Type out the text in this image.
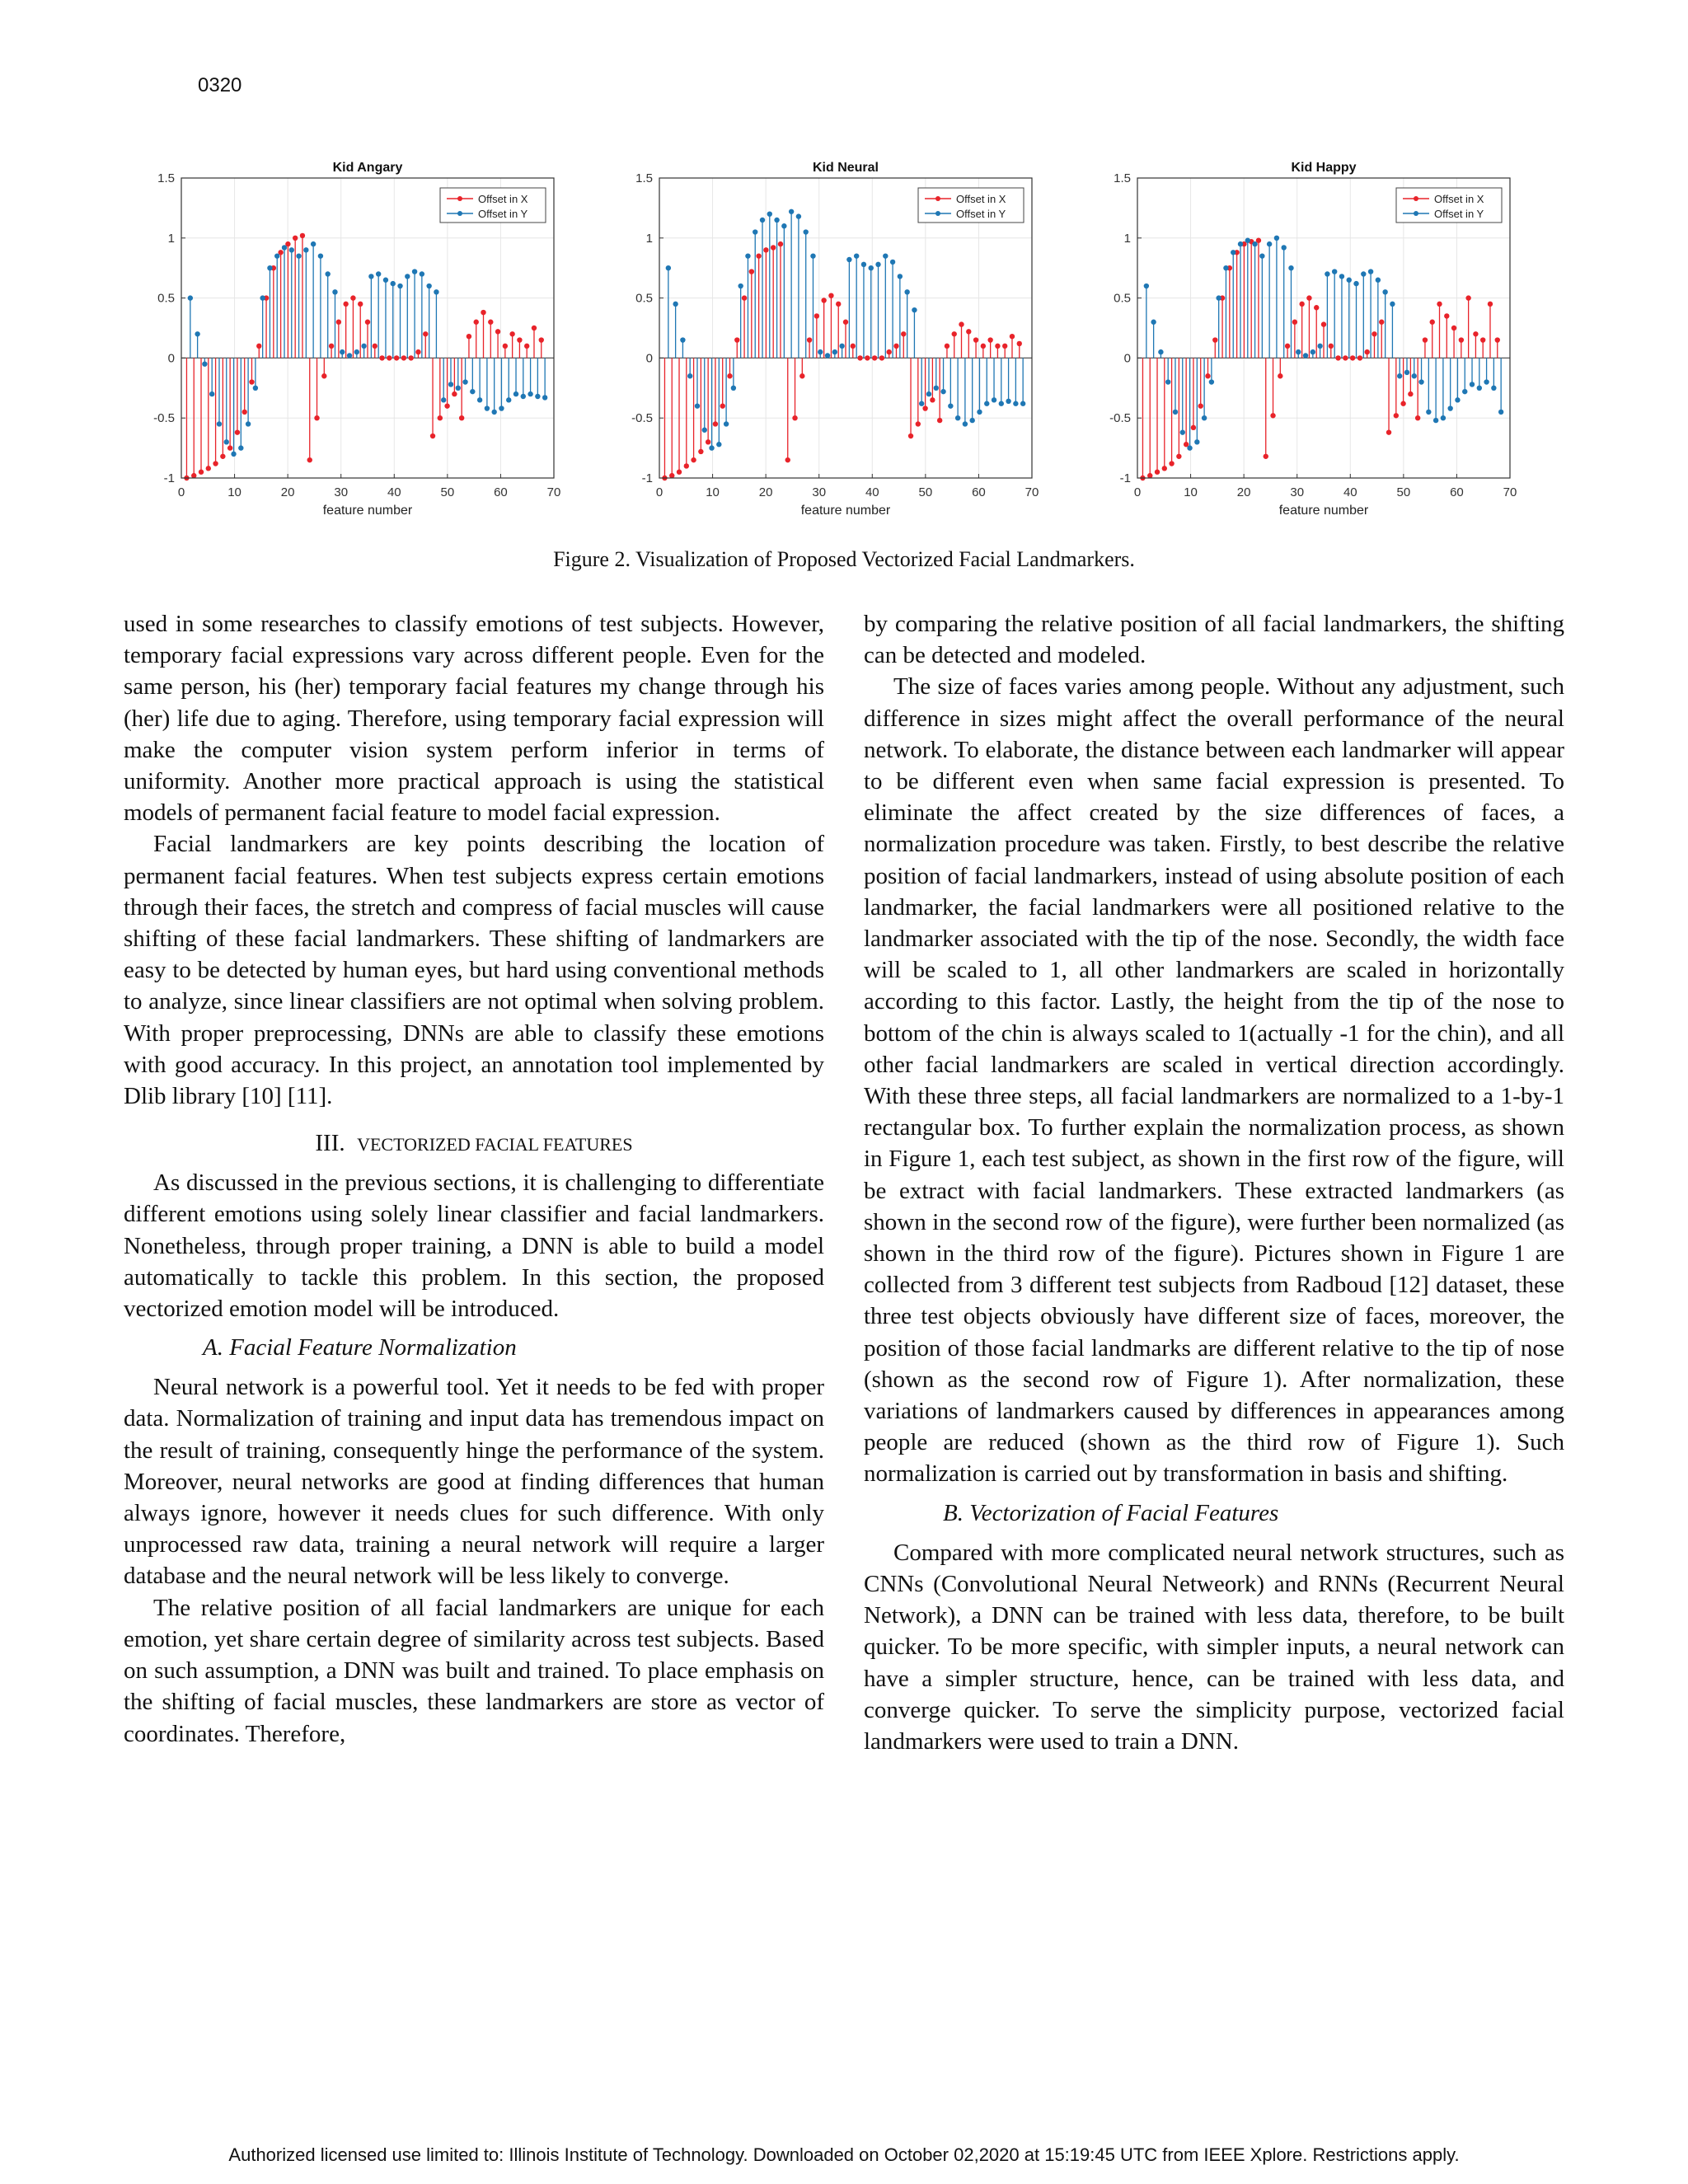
0320
0	10	20	30	40	50	60	70
-1
-0.5
0
0.5
1
1.5
Kid Angary
feature number
Offset in X
Offset in Y
0	10	20	30	40	50	60	70
-1
-0.5
0
0.5
1
1.5
Kid Neural
feature number
Offset in X
Offset in Y
0	10	20	30	40	50	60	70
-1
-0.5
0
0.5
1
1.5
Kid Happy
feature number
Offset in X
Offset in Y
Figure 2. Visualization of Proposed Vectorized Facial Landmarkers.

used in some researches to classify emotions of test subjects. However, temporary facial expressions vary across different people. Even for the same person, his (her) temporary facial features my change through his (her) life due to aging. Therefore, using temporary facial expression will make the computer vision system perform inferior in terms of uniformity. Another more practical approach is using the statistical models of permanent facial feature to model facial expression.

Facial landmarkers are key points describing the location of permanent facial features. When test subjects express certain emotions through their faces, the stretch and compress of facial muscles will cause shifting of these facial landmarkers. These shifting of landmarkers are easy to be detected by human eyes, but hard using conventional methods to analyze, since linear classifiers are not optimal when solving problem. With proper preprocessing, DNNs are able to classify these emotions with good accuracy. In this project, an annotation tool implemented by Dlib library [10] [11].

III. VECTORIZED FACIAL FEATURES

As discussed in the previous sections, it is challenging to differentiate different emotions using solely linear classifier and facial landmarkers. Nonetheless, through proper training, a DNN is able to build a model automatically to tackle this problem. In this section, the proposed vectorized emotion model will be introduced.

A. Facial Feature Normalization

Neural network is a powerful tool. Yet it needs to be fed with proper data. Normalization of training and input data has tremendous impact on the result of training, consequently hinge the performance of the system. Moreover, neural networks are good at finding differences that human always ignore, however it needs clues for such difference. With only unprocessed raw data, training a neural network will require a larger database and the neural network will be less likely to converge.

The relative position of all facial landmarkers are unique for each emotion, yet share certain degree of similarity across test subjects. Based on such assumption, a DNN was built and trained. To place emphasis on the shifting of facial muscles, these landmarkers are store as vector of coordinates. Therefore,

by comparing the relative position of all facial landmarkers, the shifting can be detected and modeled.

The size of faces varies among people. Without any adjustment, such difference in sizes might affect the overall performance of the neural network. To elaborate, the distance between each landmarker will appear to be different even when same facial expression is presented. To eliminate the affect created by the size differences of faces, a normalization procedure was taken. Firstly, to best describe the relative position of facial landmarkers, instead of using absolute position of each landmarker, the facial landmarkers were all positioned relative to the landmarker associated with the tip of the nose. Secondly, the width face will be scaled to 1, all other landmarkers are scaled in horizontally according to this factor. Lastly, the height from the tip of the nose to bottom of the chin is always scaled to 1(actually -1 for the chin), and all other facial landmarkers are scaled in vertical direction accordingly. With these three steps, all facial landmarkers are normalized to a 1-by-1 rectangular box. To further explain the normalization process, as shown in Figure 1, each test subject, as shown in the first row of the figure, will be extract with facial landmarkers. These extracted landmarkers (as shown in the second row of the figure), were further been normalized (as shown in the third row of the figure). Pictures shown in Figure 1 are collected from 3 different test subjects from Radboud [12] dataset, these three test objects obviously have different size of faces, moreover, the position of those facial landmarks are different relative to the tip of nose (shown as the second row of Figure 1). After normalization, these variations of landmarkers caused by differences in appearances among people are reduced (shown as the third row of Figure 1). Such normalization is carried out by transformation in basis and shifting.

B. Vectorization of Facial Features

Compared with more complicated neural network structures, such as CNNs (Convolutional Neural Netweork) and RNNs (Recurrent Neural Network), a DNN can be trained with less data, therefore, to be built quicker. To be more specific, with simpler inputs, a neural network can have a simpler structure, hence, can be trained with less data, and converge quicker. To serve the simplicity purpose, vectorized facial landmarkers were used to train a DNN.

Authorized licensed use limited to: Illinois Institute of Technology. Downloaded on October 02,2020 at 15:19:45 UTC from IEEE Xplore. Restrictions apply.
